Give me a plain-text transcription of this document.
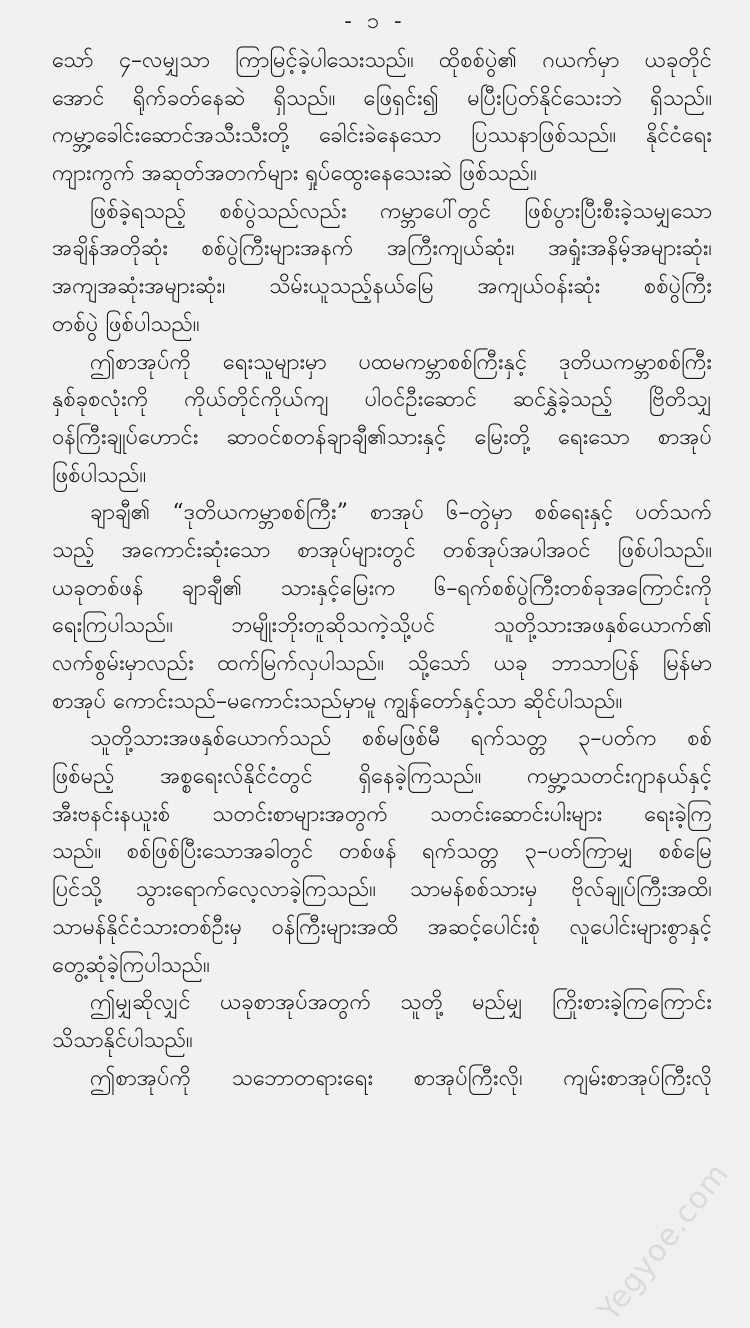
- ၁ -
သော် ၄–လမျှသာ ကြာမြင့်ခဲ့ပါသေးသည်။ ထိုစစ်ပွဲ၏ ဂယက်မှာ ယခုတိုင်
အောင် ရိုက်ခတ်နေဆဲ ရှိသည်။ ဖြေရှင်း၍ မပြီးပြတ်နိုင်သေးဘဲ ရှိသည်။
ကမ္ဘာ့ခေါင်းဆောင်အသီးသီးတို့ ခေါင်းခဲနေသော ပြဿနာဖြစ်သည်။ နိုင်ငံရေး
ကျားကွက် အဆုတ်အတက်များ ရှုပ်ထွေးနေသေးဆဲ ဖြစ်သည်။
ဖြစ်ခဲ့ရသည့် စစ်ပွဲသည်လည်း ကမ္ဘာပေါ်တွင် ဖြစ်ပွားပြီးစီးခဲ့သမျှသော
အချိန်အတိုဆုံး စစ်ပွဲကြီးများအနက် အကြီးကျယ်ဆုံး၊ အရှုံးအနိမ့်အများဆုံး၊
အကျအဆုံးအများဆုံး၊ သိမ်းယူသည့်နယ်မြေ အကျယ်ဝန်းဆုံး စစ်ပွဲကြီး
တစ်ပွဲ ဖြစ်ပါသည်။
ဤစာအုပ်ကို ရေးသူများမှာ ပထမကမ္ဘာစစ်ကြီးနှင့် ဒုတိယကမ္ဘာစစ်ကြီး
နှစ်ခုစလုံးကို ကိုယ်တိုင်ကိုယ်ကျ ပါဝင်ဦးဆောင် ဆင်နွှဲခဲ့သည့် ဗြိတိသျှ
ဝန်ကြီးချုပ်ဟောင်း ဆာဝင်စတန်ချာချီ၏သားနှင့် မြေးတို့ ရေးသော စာအုပ်
ဖြစ်ပါသည်။
ချာချီ၏ “ဒုတိယကမ္ဘာစစ်ကြီး” စာအုပ် ၆–တွဲမှာ စစ်ရေးနှင့် ပတ်သက်
သည့် အကောင်းဆုံးသော စာအုပ်များတွင် တစ်အုပ်အပါအဝင် ဖြစ်ပါသည်။
ယခုတစ်ဖန် ချာချီ၏ သားနှင့်မြေးက ၆–ရက်စစ်ပွဲကြီးတစ်ခုအကြောင်းကို
ရေးကြပါသည်။ ဘမျိုးဘိုးတူဆိုသကဲ့သို့ပင် သူတို့သားအဖနှစ်ယောက်၏
လက်စွမ်းမှာလည်း ထက်မြက်လှပါသည်။ သို့သော် ယခု ဘာသာပြန် မြန်မာ
စာအုပ် ကောင်းသည်–မကောင်းသည်မှာမူ ကျွန်တော်နှင့်သာ ဆိုင်ပါသည်။
သူတို့သားအဖနှစ်ယောက်သည် စစ်မဖြစ်မီ ရက်သတ္တ ၃–ပတ်က စစ်
ဖြစ်မည့် အစ္စရေးလ်နိုင်ငံတွင် ရှိနေခဲ့ကြသည်။ ကမ္ဘာ့သတင်းဂျာနယ်နှင့်
အီးဗနင်းနယူးစ် သတင်းစာများအတွက် သတင်းဆောင်းပါးများ ရေးခဲ့ကြ
သည်။ စစ်ဖြစ်ပြီးသောအခါတွင် တစ်ဖန် ရက်သတ္တ ၃–ပတ်ကြာမျှ စစ်မြေ
ပြင်သို့ သွားရောက်လေ့လာခဲ့ကြသည်။ သာမန်စစ်သားမှ ဗိုလ်ချုပ်ကြီးအထိ၊
သာမန်နိုင်ငံသားတစ်ဦးမှ ဝန်ကြီးများအထိ အဆင့်ပေါင်းစုံ လူပေါင်းများစွာနှင့်
တွေ့ဆုံခဲ့ကြပါသည်။
ဤမျှဆိုလျှင် ယခုစာအုပ်အတွက် သူတို့ မည်မျှ ကြိုးစားခဲ့ကြကြောင်း
သိသာနိုင်ပါသည်။
ဤစာအုပ်ကို သဘောတရားရေး စာအုပ်ကြီးလို၊ ကျမ်းစာအုပ်ကြီးလို
Yegyoe.com
